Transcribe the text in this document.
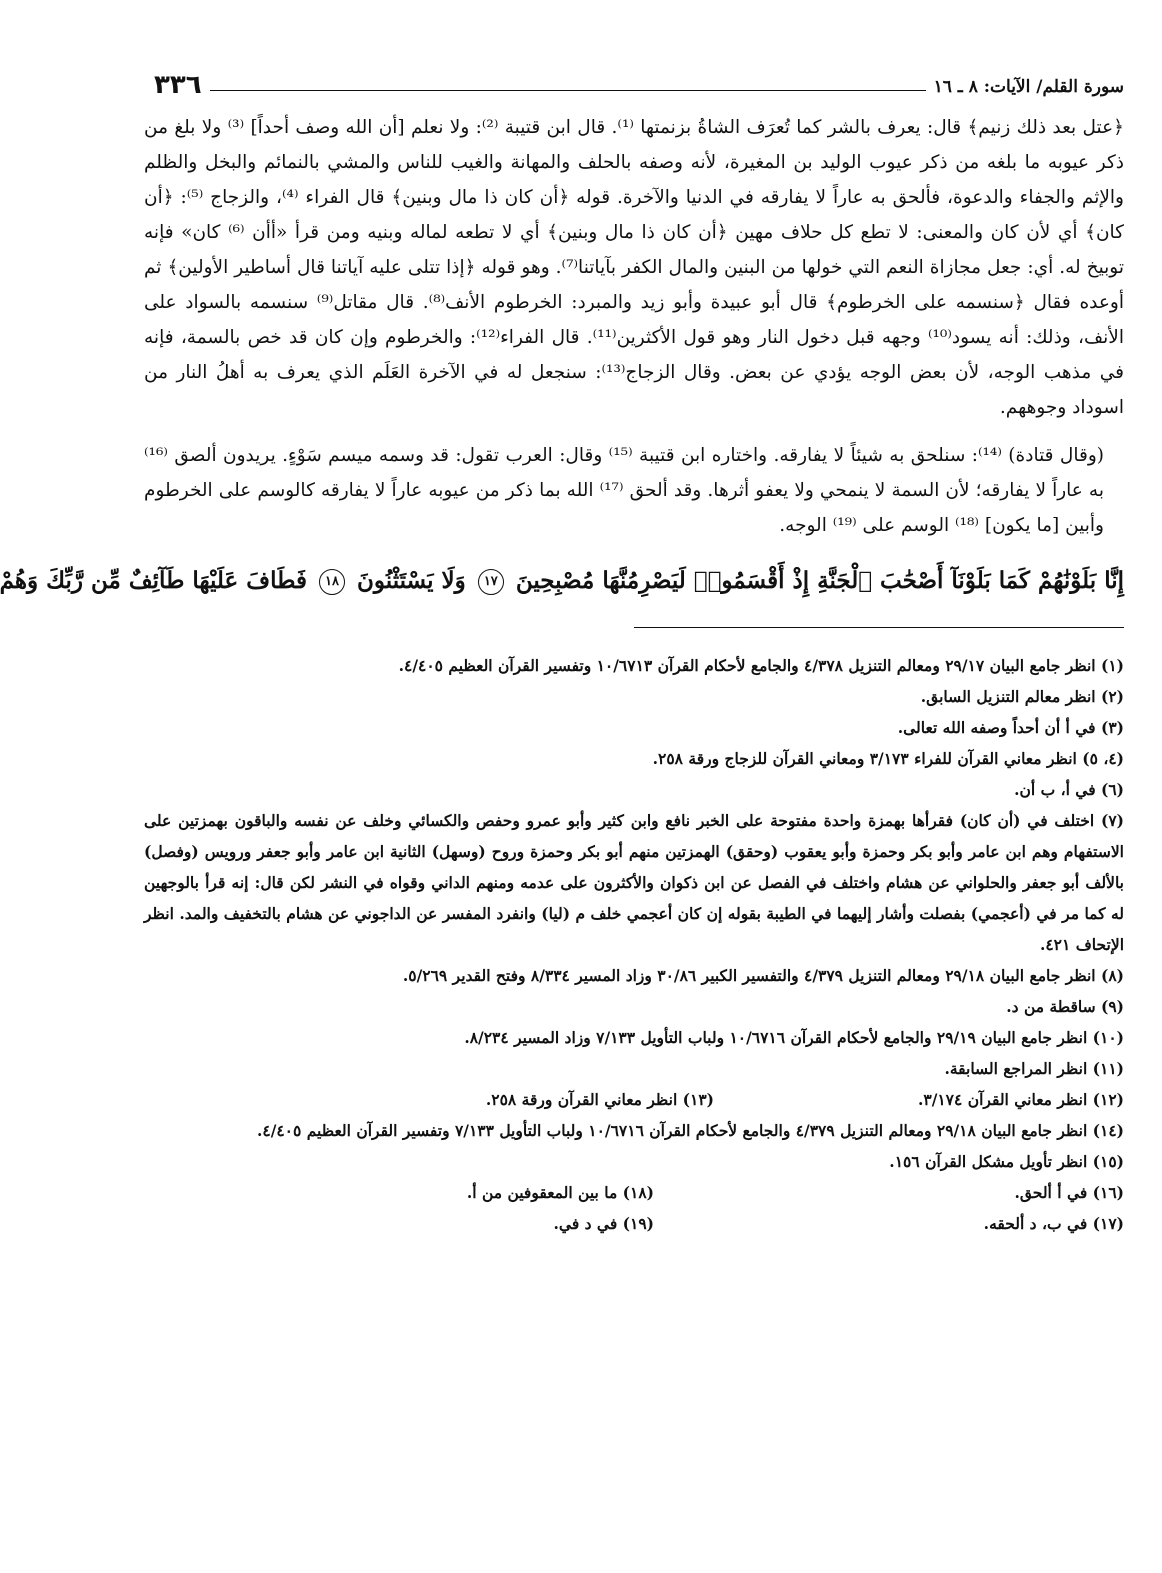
سورة القلم/ الآيات: ٨ ـ ١٦
٣٣٦

﴿عتل بعد ذلك زنيم﴾ قال: يعرف بالشر كما تُعرَف الشاةُ بزنمتها ⁽¹⁾. قال ابن قتيبة ⁽²⁾: ولا نعلم [أن الله وصف أحداً] ⁽³⁾ ولا بلغ من ذكر عيوبه ما بلغه من ذكر عيوب الوليد بن المغيرة، لأنه وصفه بالحلف والمهانة والغيب للناس والمشي بالنمائم والبخل والظلم والإثم والجفاء والدعوة، فألحق به عاراً لا يفارقه في الدنيا والآخرة. قوله ﴿أن كان ذا مال وبنين﴾ قال الفراء ⁽⁴⁾، والزجاج ⁽⁵⁾: ﴿أن كان﴾ أي لأن كان والمعنى: لا تطع كل حلاف مهين ﴿أن كان ذا مال وبنين﴾ أي لا تطعه لماله وبنيه ومن قرأ «أأن ⁽⁶⁾ كان» فإنه توبيخ له. أي: جعل مجازاة النعم التي خولها من البنين والمال الكفر بآياتنا⁽⁷⁾. وهو قوله ﴿إذا تتلى عليه آياتنا قال أساطير الأولين﴾ ثم أوعده فقال ﴿سنسمه على الخرطوم﴾ قال أبو عبيدة وأبو زيد والمبرد: الخرطوم الأنف⁽⁸⁾. قال مقاتل⁽⁹⁾ سنسمه بالسواد على الأنف، وذلك: أنه يسود⁽¹⁰⁾ وجهه قبل دخول النار وهو قول الأكثرين⁽¹¹⁾. قال الفراء⁽¹²⁾: والخرطوم وإن كان قد خص بالسمة، فإنه في مذهب الوجه، لأن بعض الوجه يؤدي عن بعض. وقال الزجاج⁽¹³⁾: سنجعل له في الآخرة العَلَم الذي يعرف به أهلُ النار من اسوداد وجوههم.

(وقال قتادة) ⁽¹⁴⁾: سنلحق به شيئاً لا يفارقه. واختاره ابن قتيبة ⁽¹⁵⁾ وقال: العرب تقول: قد وسمه ميسم سَوْءٍ. يريدون ألصق ⁽¹⁶⁾ به عاراً لا يفارقه؛ لأن السمة لا ينمحي ولا يعفو أثرها. وقد ألحق ⁽¹⁷⁾ الله بما ذكر من عيوبه عاراً لا يفارقه كالوسم على الخرطوم وأبين [ما يكون] ⁽¹⁸⁾ الوسم على ⁽¹⁹⁾ الوجه.

إِنَّا بَلَوْنَٰهُمْ كَمَا بَلَوْنَآ أَصْحَٰبَ ٱلْجَنَّةِ إِذْ أَقْسَمُوا۟ لَيَصْرِمُنَّهَا مُصْبِحِينَ ١٧ وَلَا يَسْتَثْنُونَ ١٨ فَطَافَ عَلَيْهَا طَآئِفٌ مِّن رَّبِّكَ وَهُمْ

(١) انظر جامع البيان ٢٩/١٧ ومعالم التنزيل ٤/٣٧٨ والجامع لأحكام القرآن ١٠/٦٧١٣ وتفسير القرآن العظيم ٤/٤٠٥.

(٢) انظر معالم التنزيل السابق.

(٣) في أ أن أحداً وصفه الله تعالى.

(٤، ٥) انظر معاني القرآن للفراء ٣/١٧٣ ومعاني القرآن للزجاج ورقة ٢٥٨.

(٦) في أ، ب أن.

(٧) اختلف في (أن كان) فقرأها بهمزة واحدة مفتوحة على الخبر نافع وابن كثير وأبو عمرو وحفص والكسائي وخلف عن نفسه والباقون بهمزتين على الاستفهام وهم ابن عامر وأبو بكر وحمزة وأبو يعقوب (وحقق) الهمزتين منهم أبو بكر وحمزة وروح (وسهل) الثانية ابن عامر وأبو جعفر ورويس (وفصل) بالألف أبو جعفر والحلواني عن هشام واختلف في الفصل عن ابن ذكوان والأكثرون على عدمه ومنهم الداني وقواه في النشر لكن قال: إنه قرأ بالوجهين له كما مر في (أعجمي) بفصلت وأشار إليهما في الطيبة بقوله إن كان أعجمي خلف م (ليا) وانفرد المفسر عن الداجوني عن هشام بالتخفيف والمد. انظر الإتحاف ٤٢١.

(٨) انظر جامع البيان ٢٩/١٨ ومعالم التنزيل ٤/٣٧٩ والتفسير الكبير ٣٠/٨٦ وزاد المسير ٨/٣٣٤ وفتح القدير ٥/٢٦٩.

(٩) ساقطة من د.

(١٠) انظر جامع البيان ٢٩/١٩ والجامع لأحكام القرآن ١٠/٦٧١٦ ولباب التأويل ٧/١٣٣ وزاد المسير ٨/٢٣٤.

(١١) انظر المراجع السابقة.

(١٢) انظر معاني القرآن ٣/١٧٤.
(١٣) انظر معاني القرآن ورقة ٢٥٨.

(١٤) انظر جامع البيان ٢٩/١٨ ومعالم التنزيل ٤/٣٧٩ والجامع لأحكام القرآن ١٠/٦٧١٦ ولباب التأويل ٧/١٣٣ وتفسير القرآن العظيم ٤/٤٠٥.

(١٥) انظر تأويل مشكل القرآن ١٥٦.

(١٦) في أ ألحق.

(١٧) في ب، د ألحقه.

(١٨) ما بين المعقوفين من أ.

(١٩) في د في.
